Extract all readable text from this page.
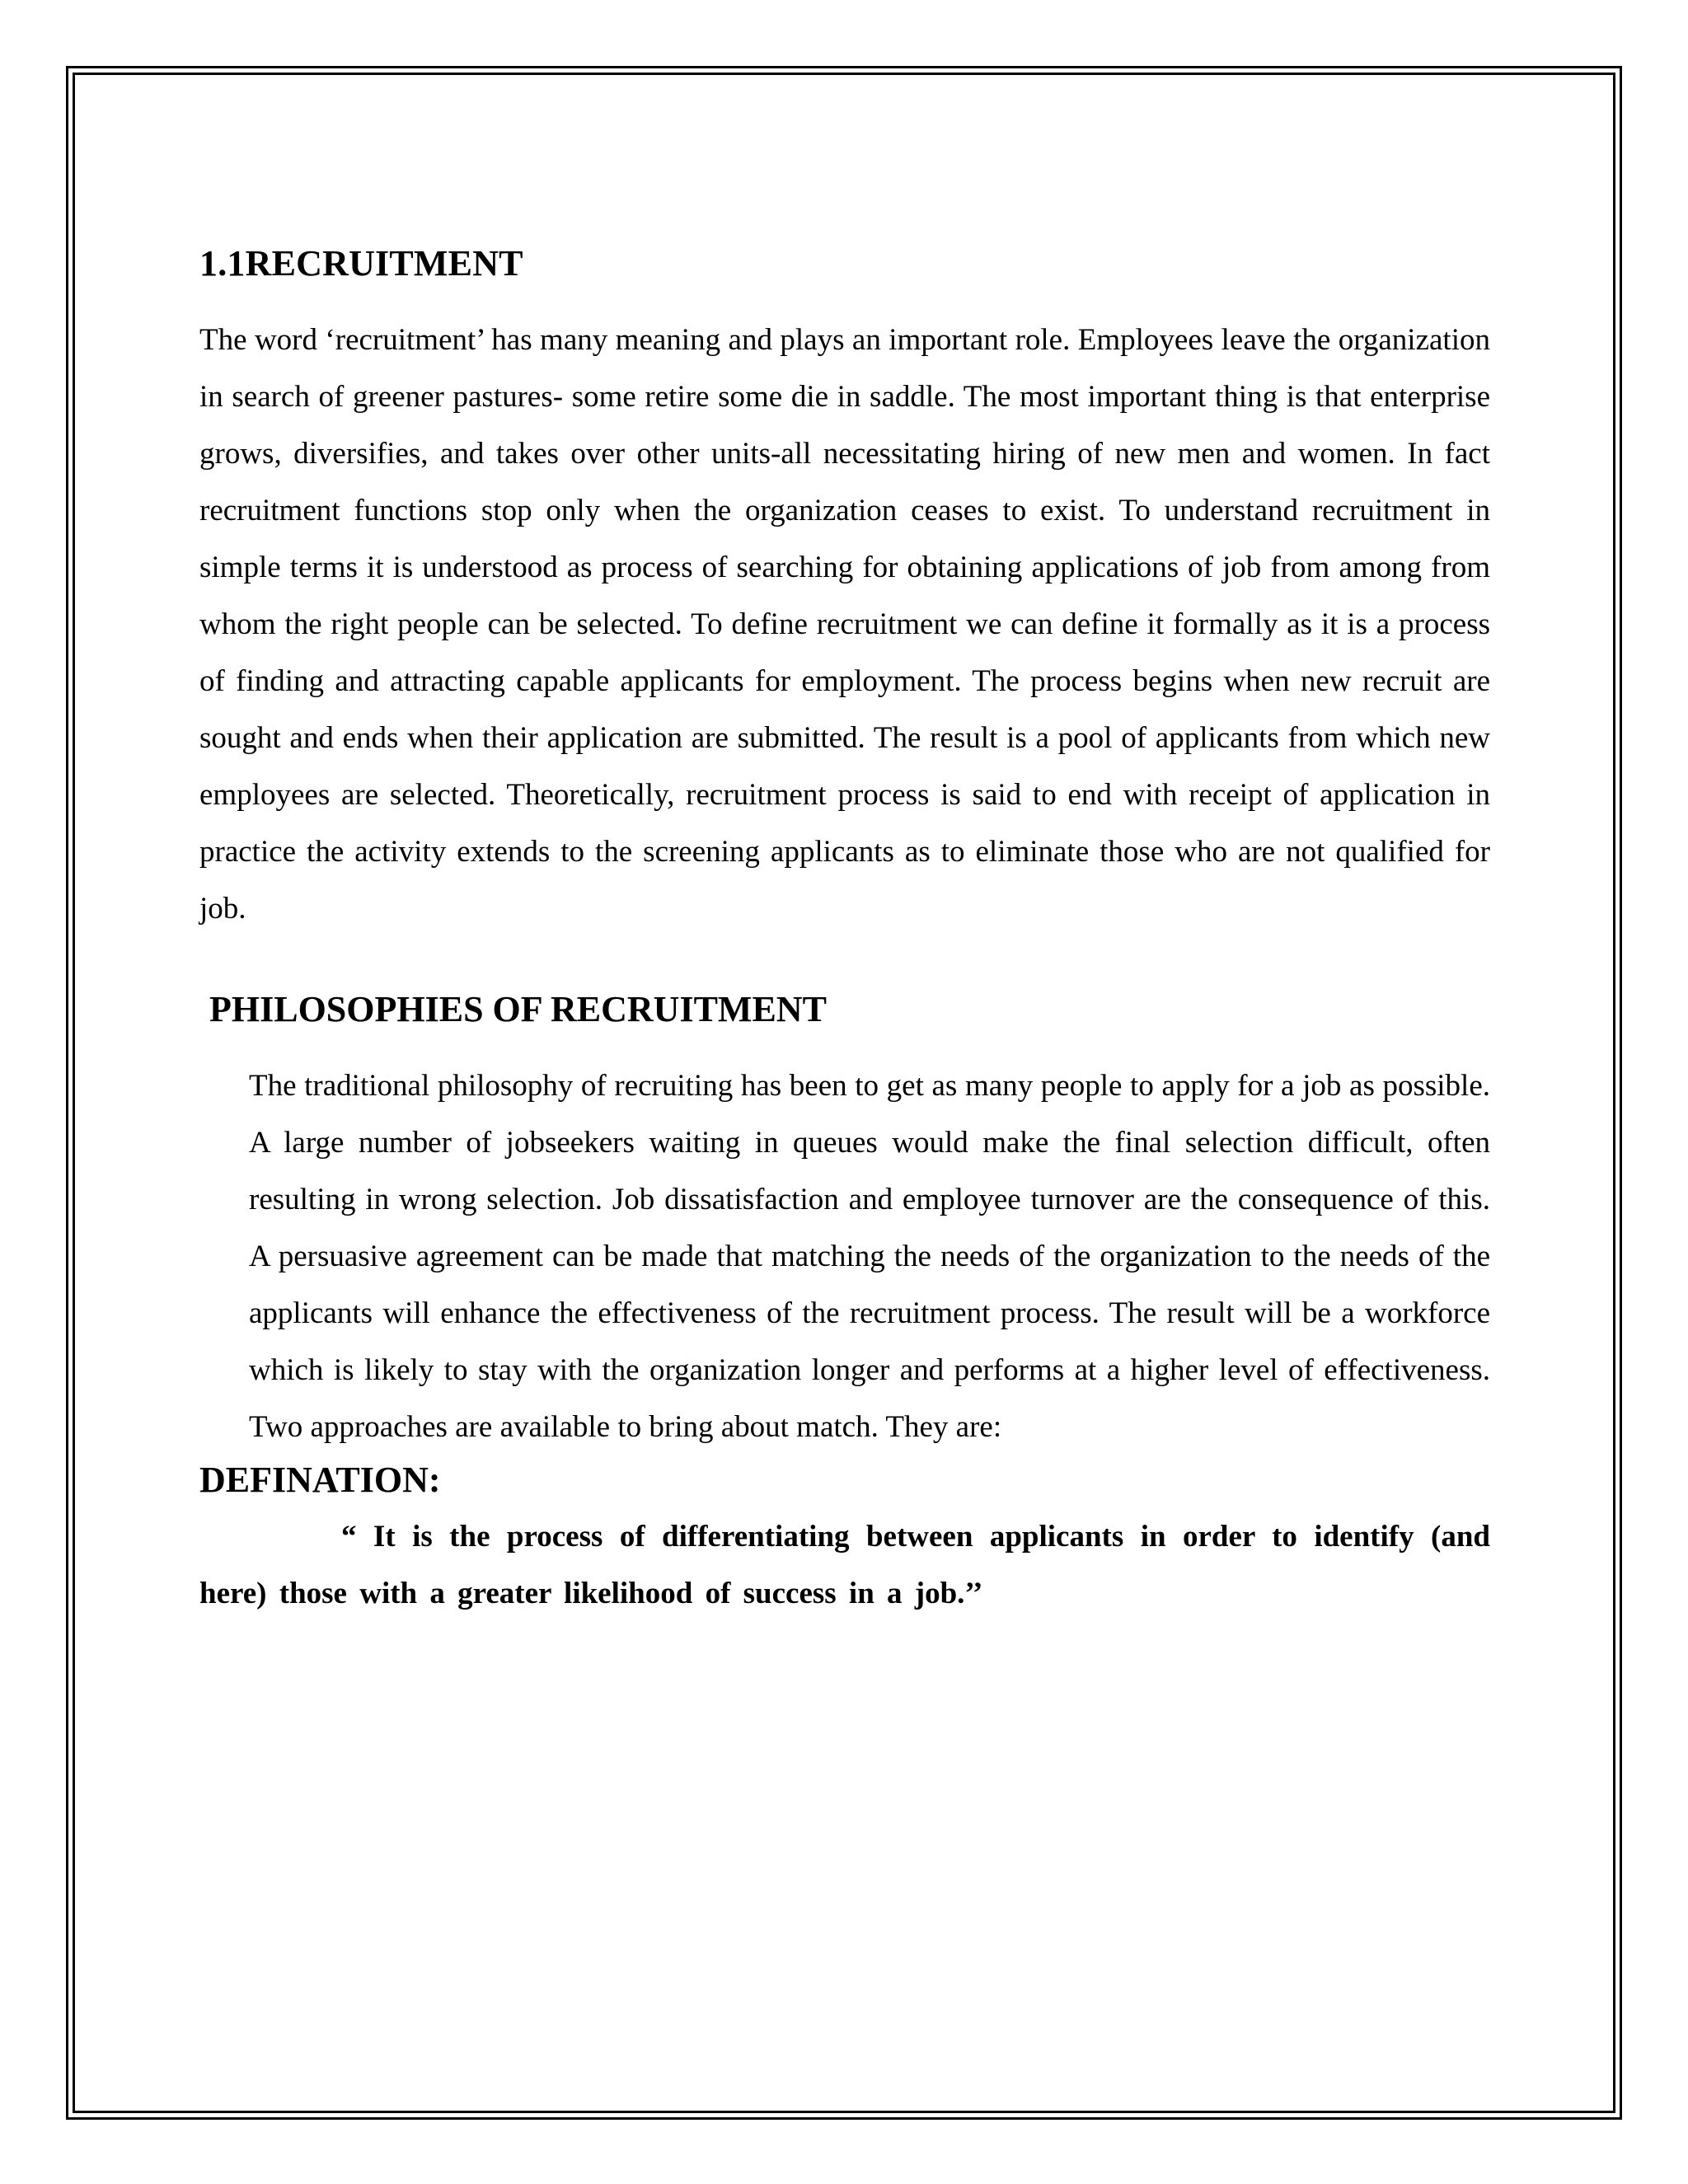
1.1RECRUITMENT

The word ‘recruitment’ has many meaning and plays an important role. Employees leave the organization in search of greener pastures- some retire some die in saddle. The most important thing is that enterprise grows, diversifies, and takes over other units-all necessitating hiring of new men and women. In fact recruitment functions stop only when the organization ceases to exist. To understand recruitment in simple terms it is understood as process of searching for obtaining applications of job from among from whom the right people can be selected. To define recruitment we can define it formally as it is a process of finding and attracting capable applicants for employment. The process begins when new recruit are sought and ends when their application are submitted. The result is a pool of applicants from which new employees are selected. Theoretically, recruitment process is said to end with receipt of application in practice the activity extends to the screening applicants as to eliminate those who are not qualified for job.

PHILOSOPHIES OF RECRUITMENT

The traditional philosophy of recruiting has been to get as many people to apply for a job as possible. A large number of jobseekers waiting in queues would make the final selection difficult, often resulting in wrong selection. Job dissatisfaction and employee turnover are the consequence of this. A persuasive agreement can be made that matching the needs of the organization to the needs of the applicants will enhance the effectiveness of the recruitment process. The result will be a workforce which is likely to stay with the organization longer and performs at a higher level of effectiveness. Two approaches are available to bring about match. They are:

DEFINATION:

“ It is the process of differentiating between applicants in order to identify (and here) those with a greater likelihood of success in a job.’’
